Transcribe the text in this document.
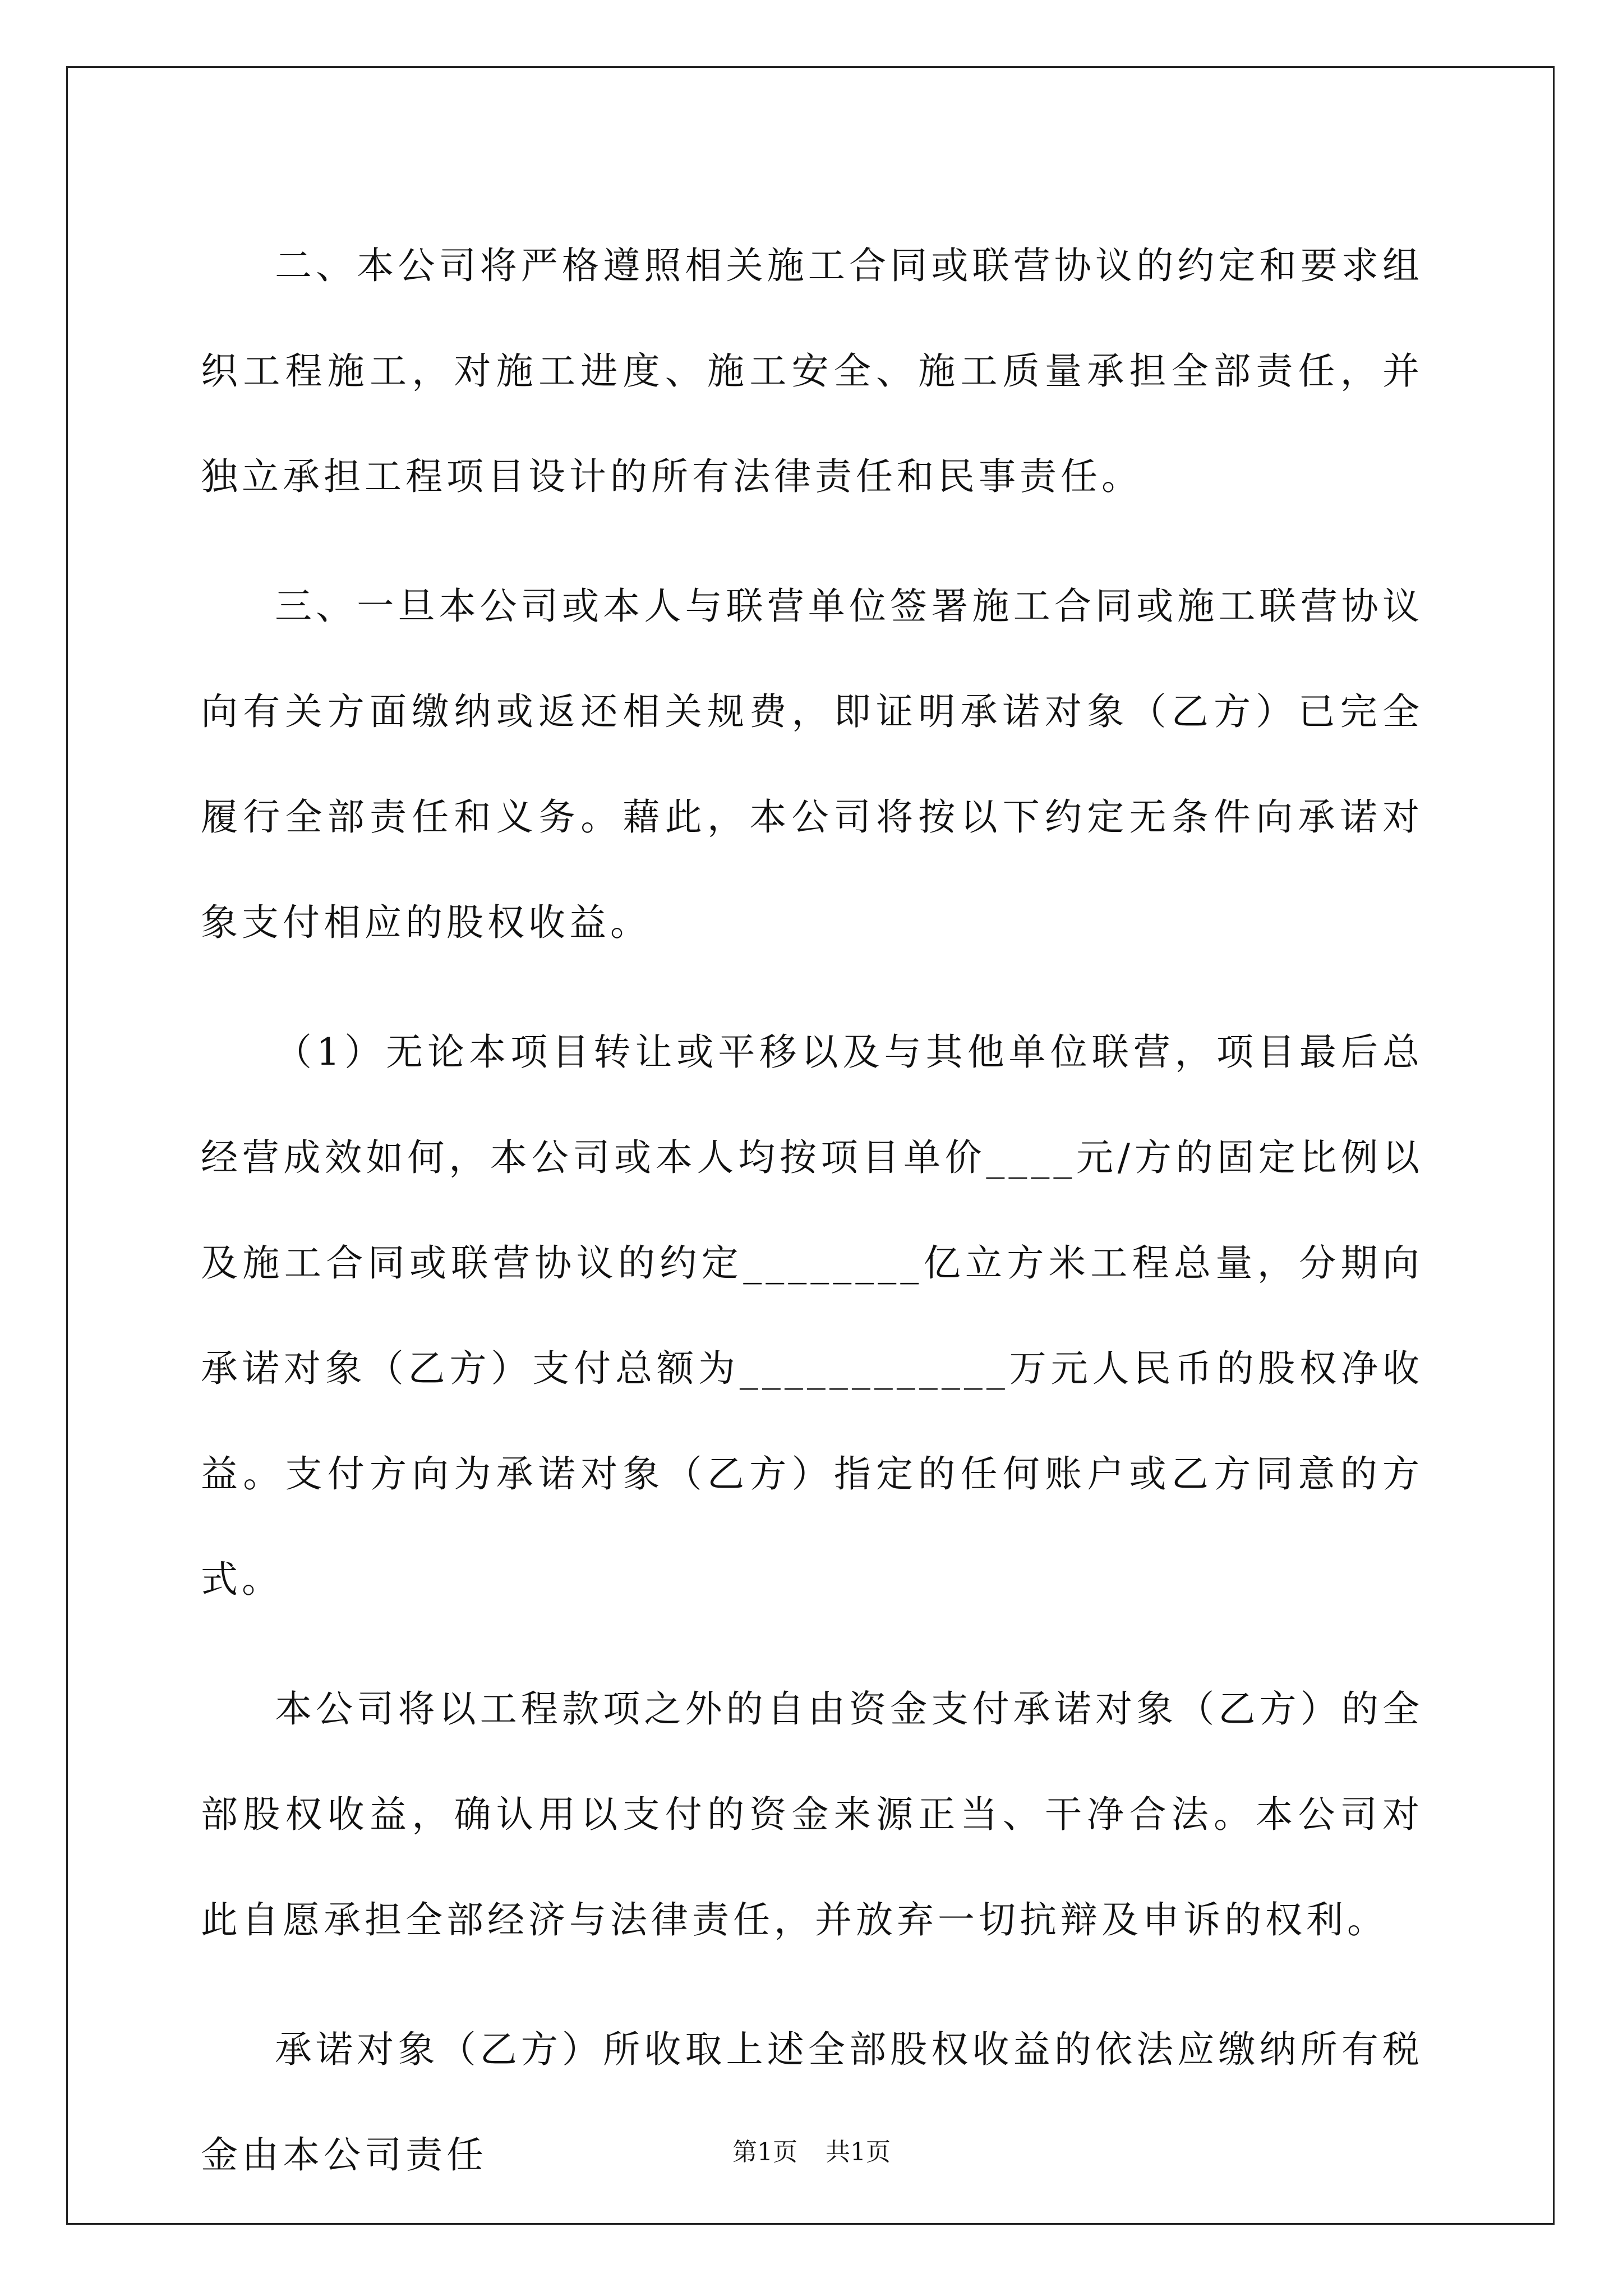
二、本公司将严格遵照相关施工合同或联营协议的约定和要求组织工程施工，对施工进度、施工安全、施工质量承担全部责任，并独立承担工程项目设计的所有法律责任和民事责任。

三、一旦本公司或本人与联营单位签署施工合同或施工联营协议向有关方面缴纳或返还相关规费，即证明承诺对象（乙方）已完全履行全部责任和义务。藉此，本公司将按以下约定无条件向承诺对象支付相应的股权收益。

（1）无论本项目转让或平移以及与其他单位联营，项目最后总经营成效如何，本公司或本人均按项目单价____元/方的固定比例以及施工合同或联营协议的约定________亿立方米工程总量，分期向承诺对象（乙方）支付总额为____________万元人民币的股权净收益。支付方向为承诺对象（乙方）指定的任何账户或乙方同意的方式。

本公司将以工程款项之外的自由资金支付承诺对象（乙方）的全部股权收益，确认用以支付的资金来源正当、干净合法。本公司对此自愿承担全部经济与法律责任，并放弃一切抗辩及申诉的权利。

承诺对象（乙方）所收取上述全部股权收益的依法应缴纳所有税金由本公司责任	第1页 共1页
